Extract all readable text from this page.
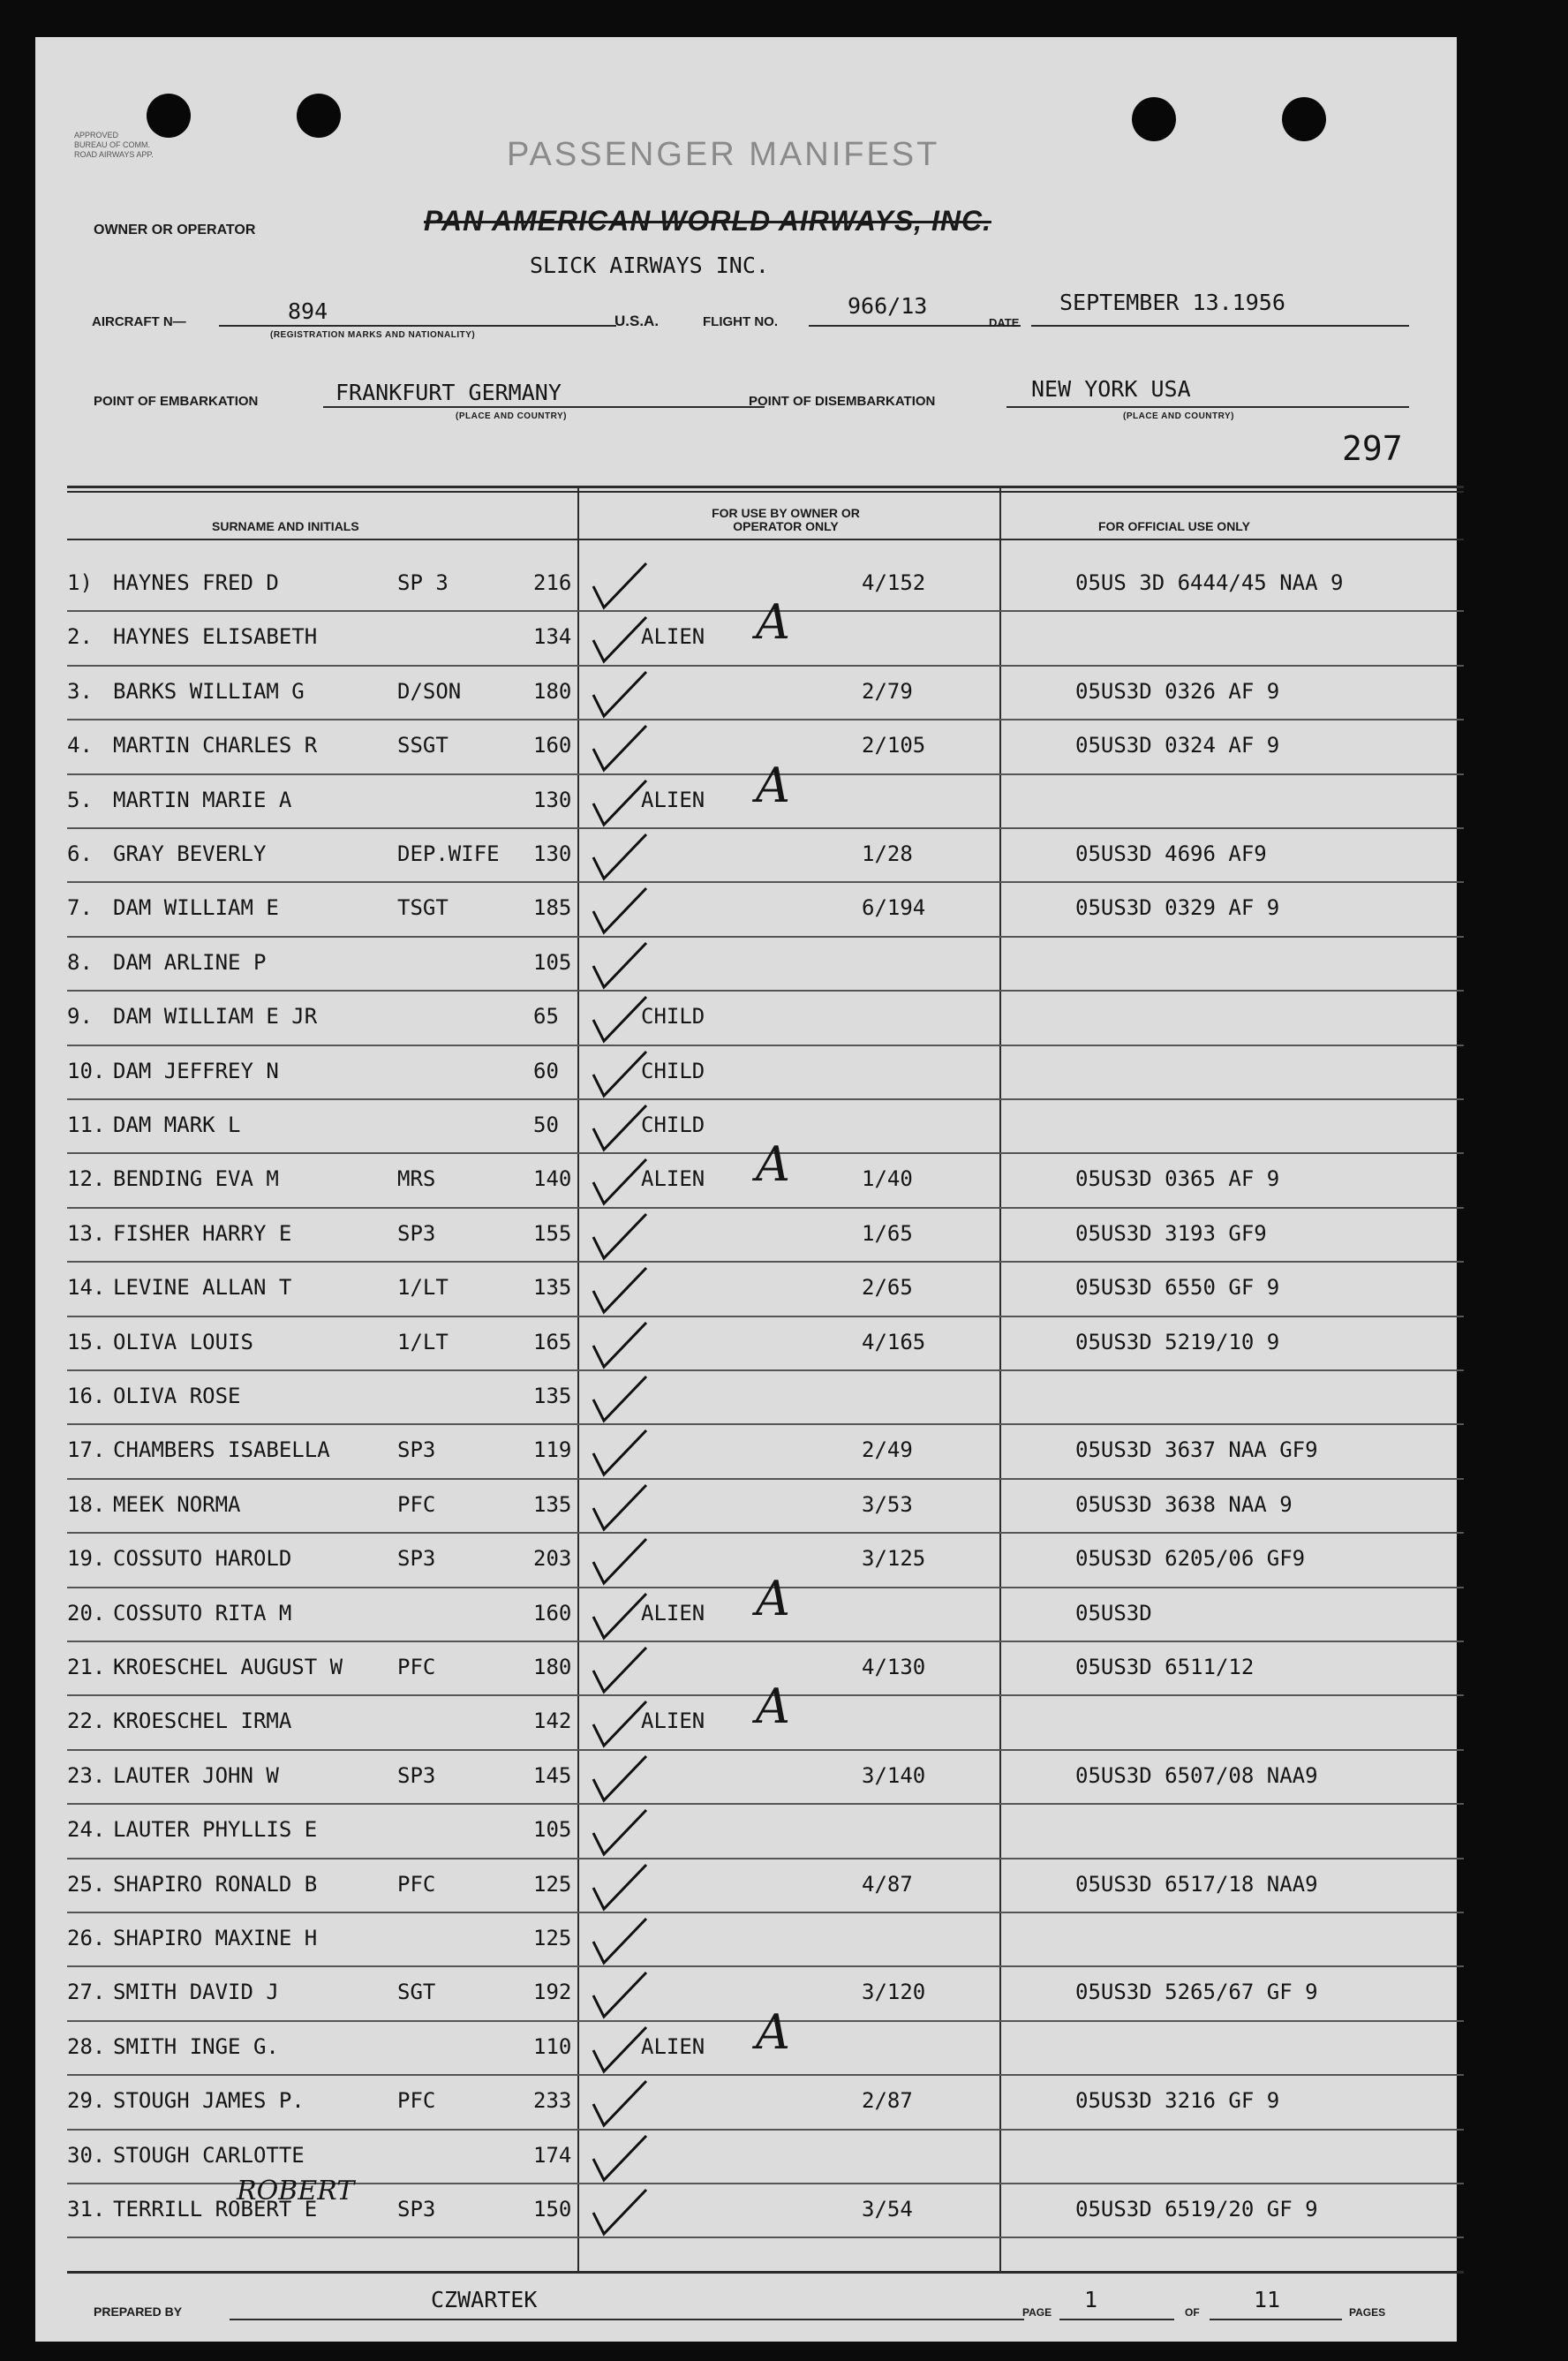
APPROVED
BUREAU OF COMM.
ROAD AIRWAYS APP.	PASSENGER MANIFEST
OWNER OR OPERATOR	PAN AMERICAN WORLD AIRWAYS, INC.
SLICK AIRWAYS INC.
AIRCRAFT N—	894
(REGISTRATION MARKS AND NATIONALITY)
U.S.A.	FLIGHT NO.
966/13
DATE
SEPTEMBER 13.1956
POINT OF EMBARKATION	FRANKFURT GERMANY
(PLACE AND COUNTRY)
POINT OF DISEMBARKATION	NEW YORK USA
(PLACE AND COUNTRY)
297
SURNAME AND INITIALS
FOR USE BY OWNER OR OPERATOR ONLY	FOR OFFICIAL USE ONLY
1) HAYNES FRED D	SP 3	216	4/152	05US 3D 6444/45 NAA 9
2. HAYNES ELISABETH	134	ALIEN A
3. BARKS WILLIAM G	D/SON	180	2/79	05US3D 0326 AF 9
4. MARTIN CHARLES R	SSGT	160	2/105	05US3D 0324 AF 9
5. MARTIN MARIE A	130	ALIEN A
6. GRAY BEVERLY	DEP.WIFE 130	1/28	05US3D 4696 AF9
7. DAM WILLIAM E	TSGT	185	6/194	05US3D 0329 AF 9
8. DAM ARLINE P	105
9. DAM WILLIAM E JR	65	CHILD
10. DAM JEFFREY N	60	CHILD
11. DAM MARK L	50	CHILD
12. BENDING EVA M	MRS	140	ALIEN	1/40	05US3D 0365 AF 9
A
13. FISHER HARRY E	SP3	155	1/65	05US3D 3193 GF9
14. LEVINE ALLAN T	1/LT	135	2/65	05US3D 6550 GF 9
15. OLIVA LOUIS	1/LT	165	4/165	05US3D 5219/10 9
16. OLIVA ROSE	135
17. CHAMBERS ISABELLA	SP3	119	2/49	05US3D 3637 NAA GF9
18. MEEK NORMA	PFC	135	3/53	05US3D 3638 NAA 9
19. COSSUTO HAROLD	SP3	203	3/125	05US3D 6205/06 GF9
20. COSSUTO RITA M	160	ALIEN	05US3D
A
21. KROESCHEL AUGUST W	PFC	180	4/130	05US3D 6511/12
22. KROESCHEL IRMA	142	ALIEN A
23. LAUTER JOHN W	SP3	145	3/140	05US3D 6507/08 NAA9
24. LAUTER PHYLLIS E	105
25. SHAPIRO RONALD B	PFC	125	4/87	05US3D 6517/18 NAA9
26. SHAPIRO MAXINE H	125
27. SMITH DAVID J	SGT	192	3/120	05US3D 5265/67 GF 9
28. SMITH INGE G.	110	ALIEN A
29. STOUGH JAMES P.	PFC	233	2/87	05US3D 3216 GF 9
30. STOUGH CARLOTTE	174
31. TERRILL ROBERT E	SP3	150	3/54	05US3D 6519/20 GF 9
ROBERT
PREPARED BY	CZWARTEK	PAGE 1	OF 11	PAGES
